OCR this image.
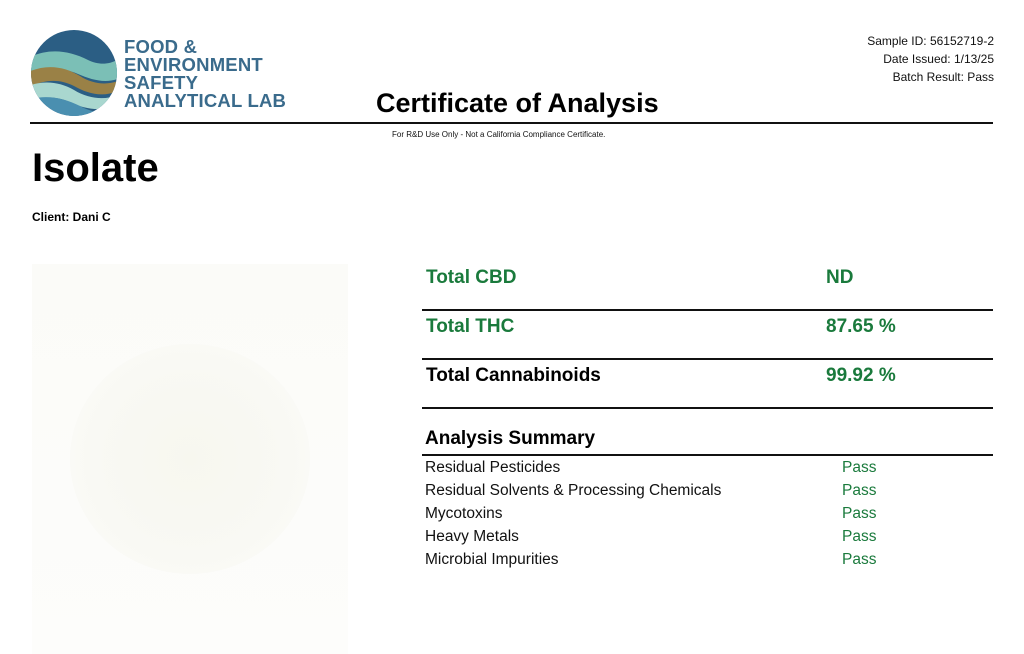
FOOD &
ENVIRONMENT
SAFETY
ANALYTICAL LAB	Certificate of Analysis
Sample ID: 56152719-2
Date Issued: 1/13/25
Batch Result: Pass
For R&D Use Only - Not a California Compliance Certificate.
Isolate
Client: Dani C
Total CBD	ND
Total THC	87.65 %
Total Cannabinoids	99.92 %
Analysis Summary
Residual Pesticides	Pass
Residual Solvents & Processing Chemicals	Pass
Mycotoxins	Pass
Heavy Metals	Pass
Microbial Impurities	Pass
